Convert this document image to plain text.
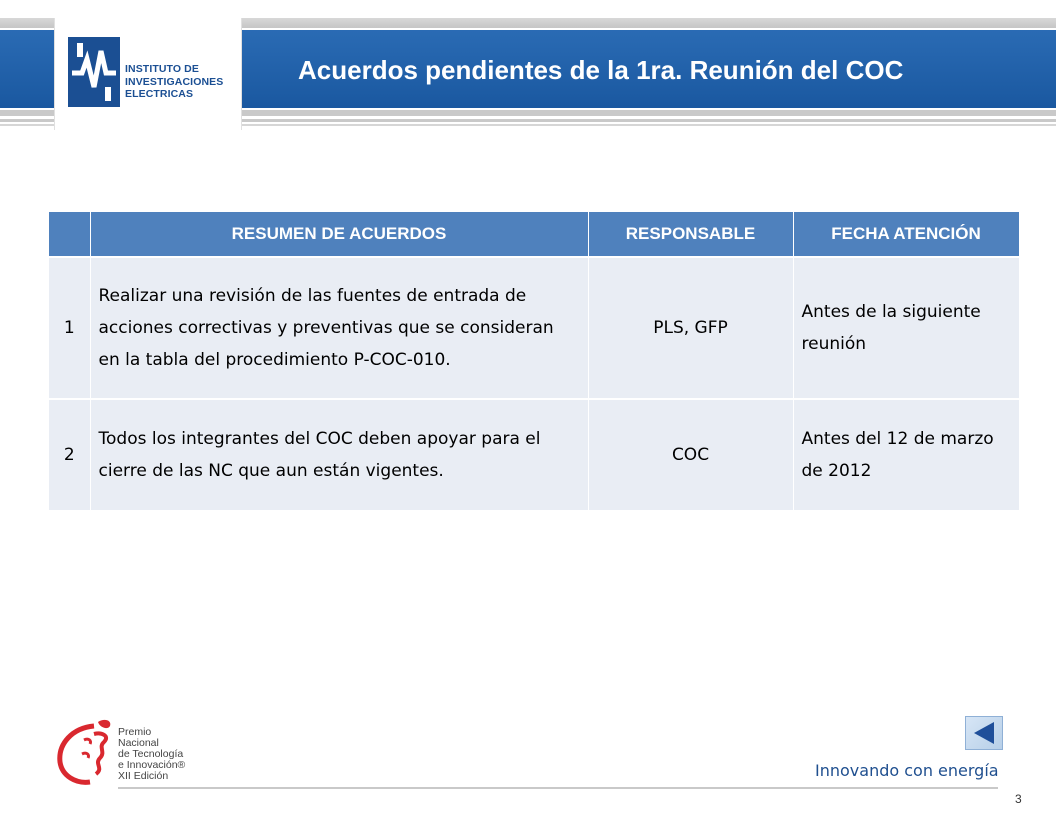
INSTITUTO DE
INVESTIGACIONES
ELECTRICAS
Acuerdos pendientes de la 1ra. Reunión del COC
	RESUMEN DE ACUERDOS	RESPONSABLE	FECHA ATENCIÓN
1	Realizar una revisión de las fuentes de entrada de acciones correctivas y preventivas que se consideran en la tabla del procedimiento P-COC-010.	PLS, GFP	Antes de la siguiente reunión
2	Todos los integrantes del COC deben apoyar para el cierre de las NC que aun están vigentes.	COC	Antes del 12 de marzo de 2012
Premio
Nacional
de Tecnología
e Innovación®
XII Edición	Innovando con energía
3
